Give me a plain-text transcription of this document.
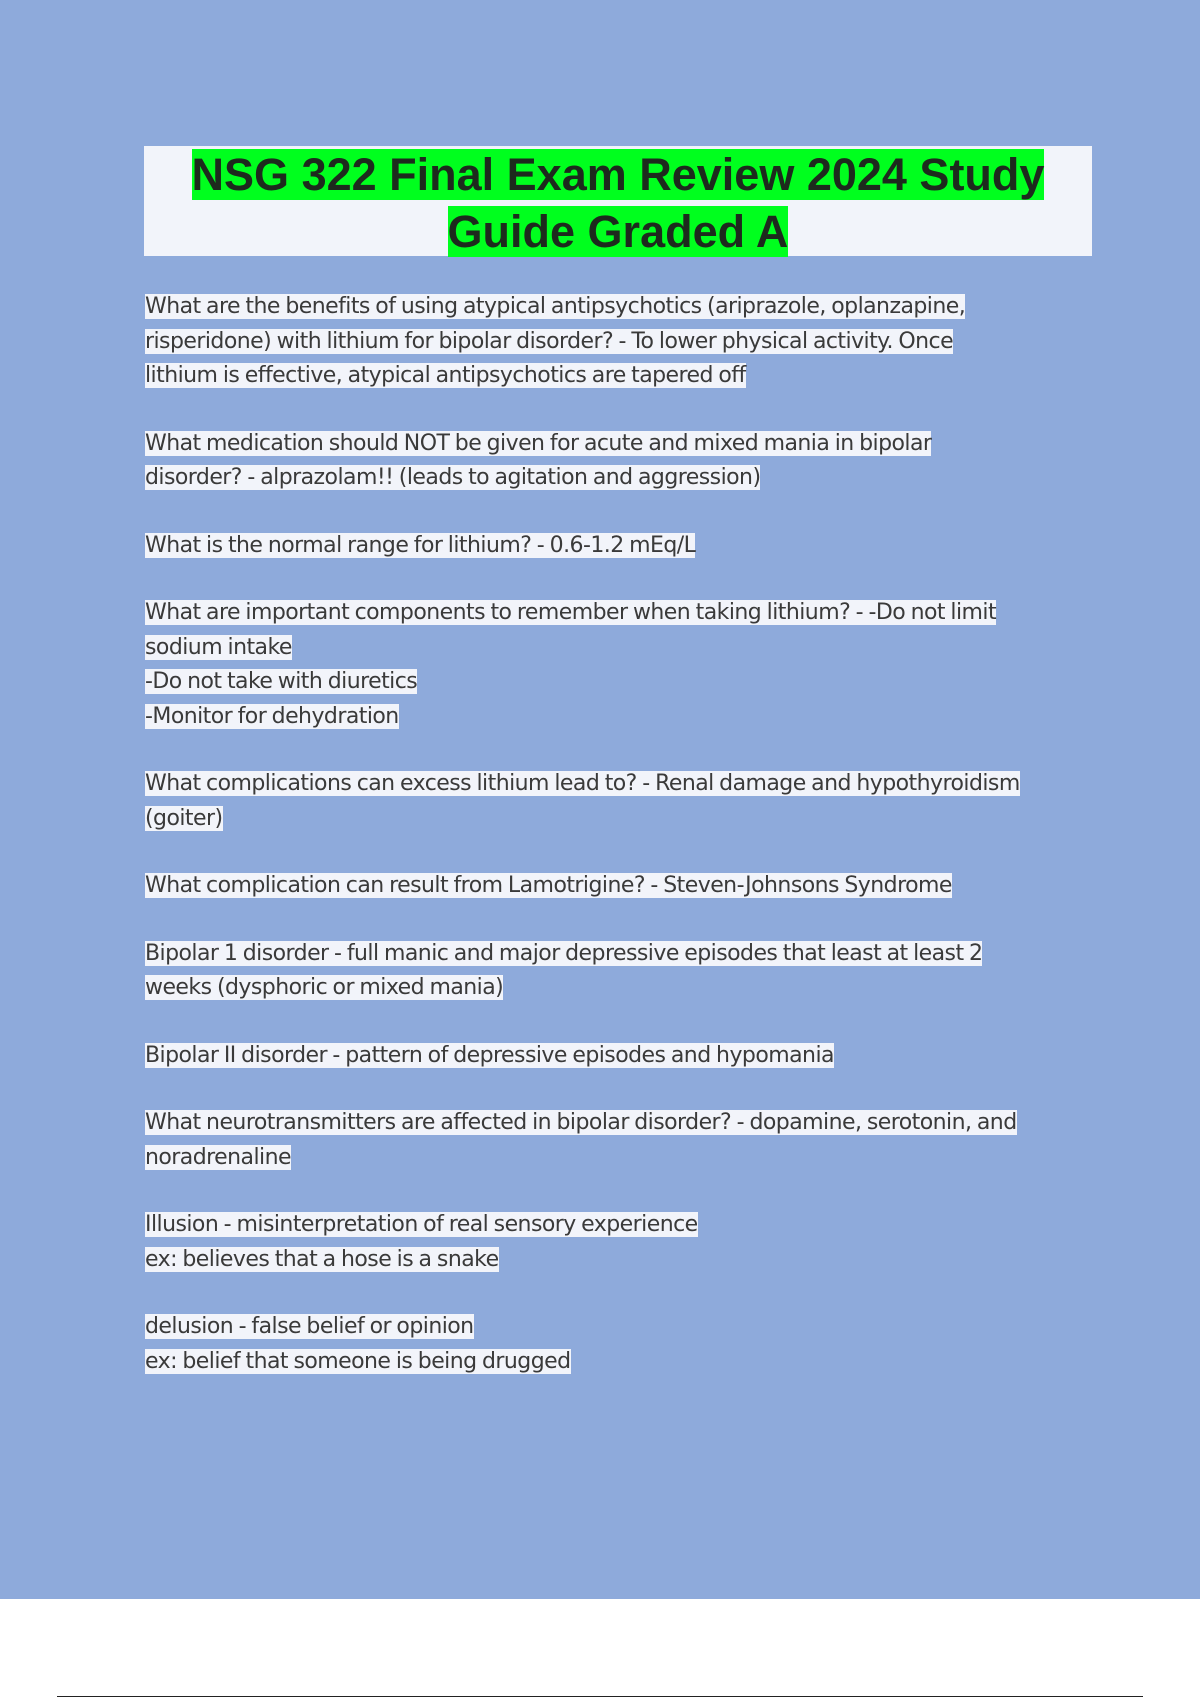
NSG 322 Final Exam Review 2024 Study
Guide Graded A
What are the benefits of using atypical antipsychotics (ariprazole, oplanzapine,
risperidone) with lithium for bipolar disorder? - To lower physical activity. Once
lithium is effective, atypical antipsychotics are tapered off
What medication should NOT be given for acute and mixed mania in bipolar
disorder? - alprazolam!! (leads to agitation and aggression)
What is the normal range for lithium? - 0.6-1.2 mEq/L
What are important components to remember when taking lithium? - -Do not limit
sodium intake
-Do not take with diuretics
-Monitor for dehydration
What complications can excess lithium lead to? - Renal damage and hypothyroidism
(goiter)
What complication can result from Lamotrigine? - Steven-Johnsons Syndrome
Bipolar 1 disorder - full manic and major depressive episodes that least at least 2
weeks (dysphoric or mixed mania)
Bipolar II disorder - pattern of depressive episodes and hypomania
What neurotransmitters are affected in bipolar disorder? - dopamine, serotonin, and
noradrenaline
Illusion - misinterpretation of real sensory experience
ex: believes that a hose is a snake
delusion - false belief or opinion
ex: belief that someone is being drugged
